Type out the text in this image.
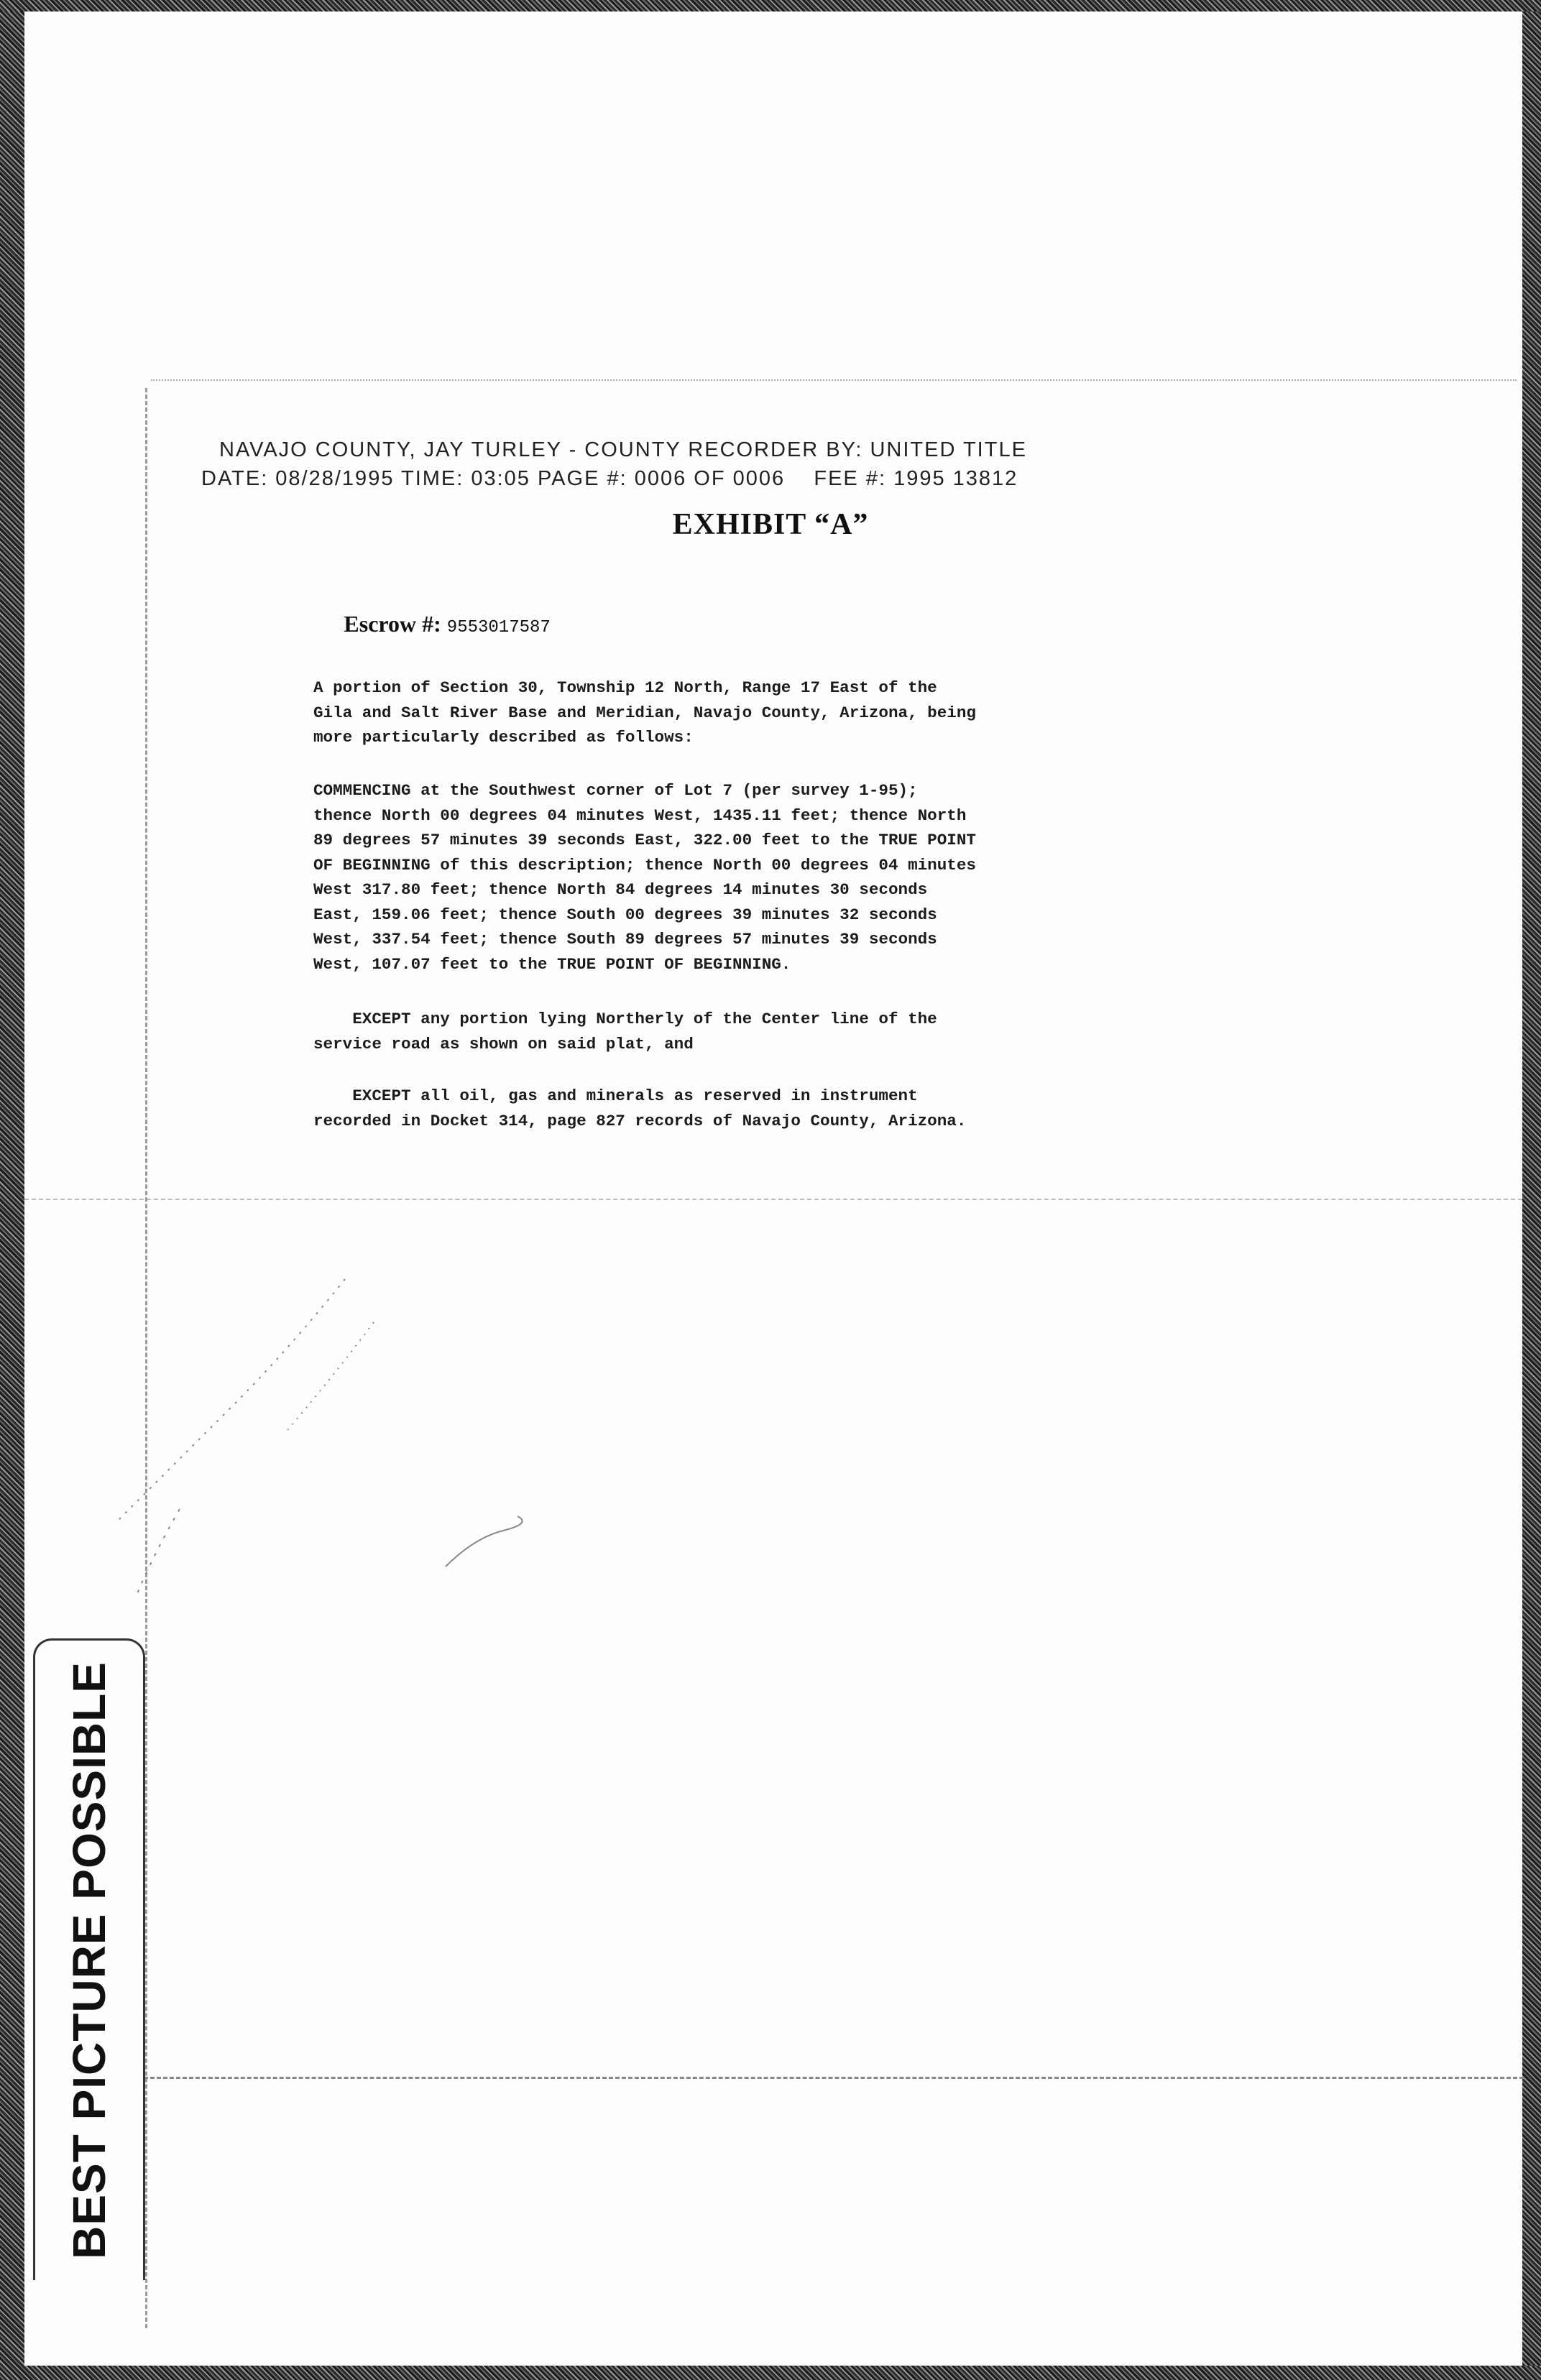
NAVAJO COUNTY, JAY TURLEY - COUNTY RECORDER BY: UNITED TITLE
DATE: 08/28/1995 TIME: 03:05 PAGE #: 0006 OF 0006    FEE #: 1995 13812
EXHIBIT “A”

Escrow #: 9553017587

A portion of Section 30, Township 12 North, Range 17 East of the
Gila and Salt River Base and Meridian, Navajo County, Arizona, being
more particularly described as follows:
COMMENCING at the Southwest corner of Lot 7 (per survey 1-95);
thence North 00 degrees 04 minutes West, 1435.11 feet; thence North
89 degrees 57 minutes 39 seconds East, 322.00 feet to the TRUE POINT
OF BEGINNING of this description; thence North 00 degrees 04 minutes
West 317.80 feet; thence North 84 degrees 14 minutes 30 seconds
East, 159.06 feet; thence South 00 degrees 39 minutes 32 seconds
West, 337.54 feet; thence South 89 degrees 57 minutes 39 seconds
West, 107.07 feet to the TRUE POINT OF BEGINNING.
EXCEPT any portion lying Northerly of the Center line of the
service road as shown on said plat, and
EXCEPT all oil, gas and minerals as reserved in instrument
recorded in Docket 314, page 827 records of Navajo County, Arizona.
BEST PICTURE POSSIBLE
